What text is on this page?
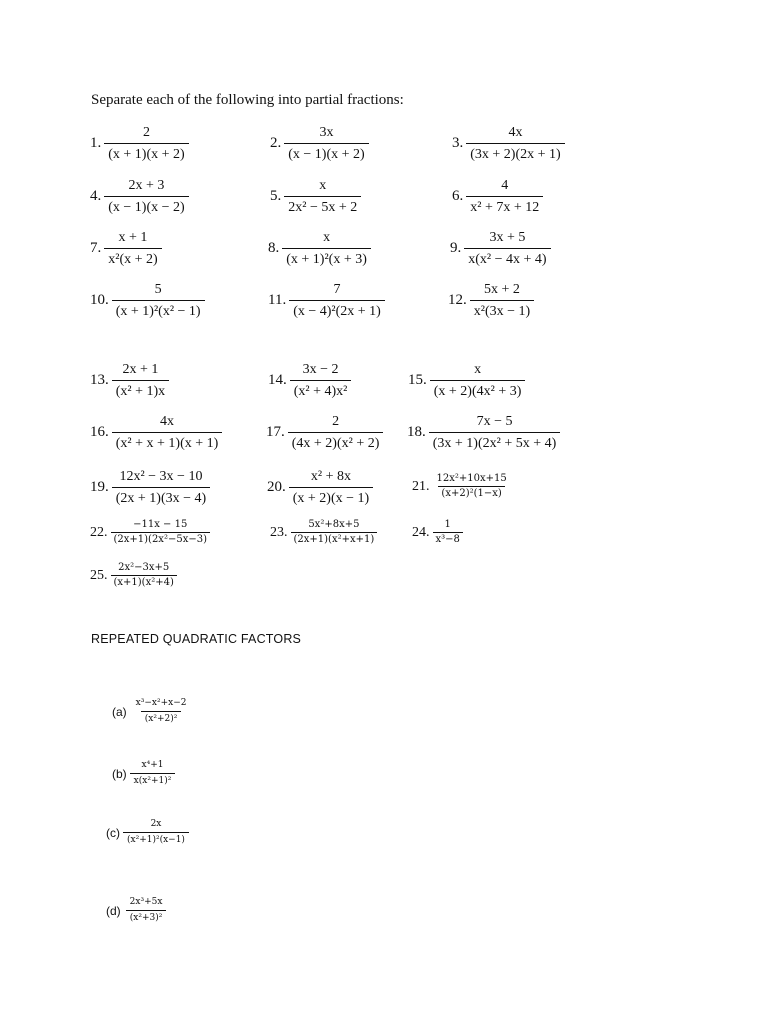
Separate each of the following into partial fractions:
1. $\frac{2}{(x + 1)(x + 2)}$	2. $\frac{3x}{(x - 1)(x + 2)}$	3. $\frac{4x}{(3x + 2)(2x + 1)}$
4. $\frac{2x + 3}{(x - 1)(x - 2)}$	5. $\frac{x}{\text{2x² − 5x + 2}}$	6. $\frac{4}{\text{x² + 7x + 12}}$
7. $\frac{x + 1}{\text{x²(x + 2)}}$	8. $\frac{x}{\text{(x + 1)²(x + 3)}}$	9. $\frac{3x + 5}{\text{x(x² − 4x + 4)}}$
10. $\frac{5}{\text{(x + 1)²(x² − 1)}}$	11. $\frac{7}{\text{(x − 4)²(2x + 1)}}$	12. $\frac{5x + 2}{\text{x²(3x − 1)}}$
13. $\frac{2x + 1}{\text{(x² + 1)x}}$	14. $\frac{3x - 2}{\text{(x² + 4)x²}}$	15. $\frac{x}{\text{(x + 2)(4x² + 3)}}$
16. $\frac{4x}{\text{(x² + x + 1)(x + 1)}}$	17. $\frac{2}{\text{(4x + 2)(x² + 2)}} 18$. $\frac{7x - 5}{\text{(3x + 1)(2x² + 5x + 4)}}$
19. $\frac{\text{12x² − 3x − 10}}{(2x + 1)(3x - 4)}$	20. $\frac{\text{x² + 8x}}{(x + 2)(x - 1)}$	21. $\frac{\text{12x²+10x+15}}{\text{(x+2)²(1−x)}}$
22. $\frac{-11x - 15}{\text{(2x+1)(2x²−5x−3)}}$	23. $\frac{\text{5x²+8x+5}}{\text{(2x+1)(x²+x+1)}} 24$. $\frac{1}{\text{x³−8}}$
25. $\frac{\text{2x²−3x+5}}{\text{(x+1)(x²+4)}}$
REPEATED QUADRATIC FACTORS
$(a) \frac{\text{x³−x²+x−2}}{\text{(x²+2)²}}$
$(b) \frac{\text{x⁴+1}}{\text{x(x²+1)²}}$
$(c) \frac{2x}{\text{(x²+1)²(x−1)}}$
$(d) \frac{\text{2x³+5x}}{\text{(x²+3)²}}$
